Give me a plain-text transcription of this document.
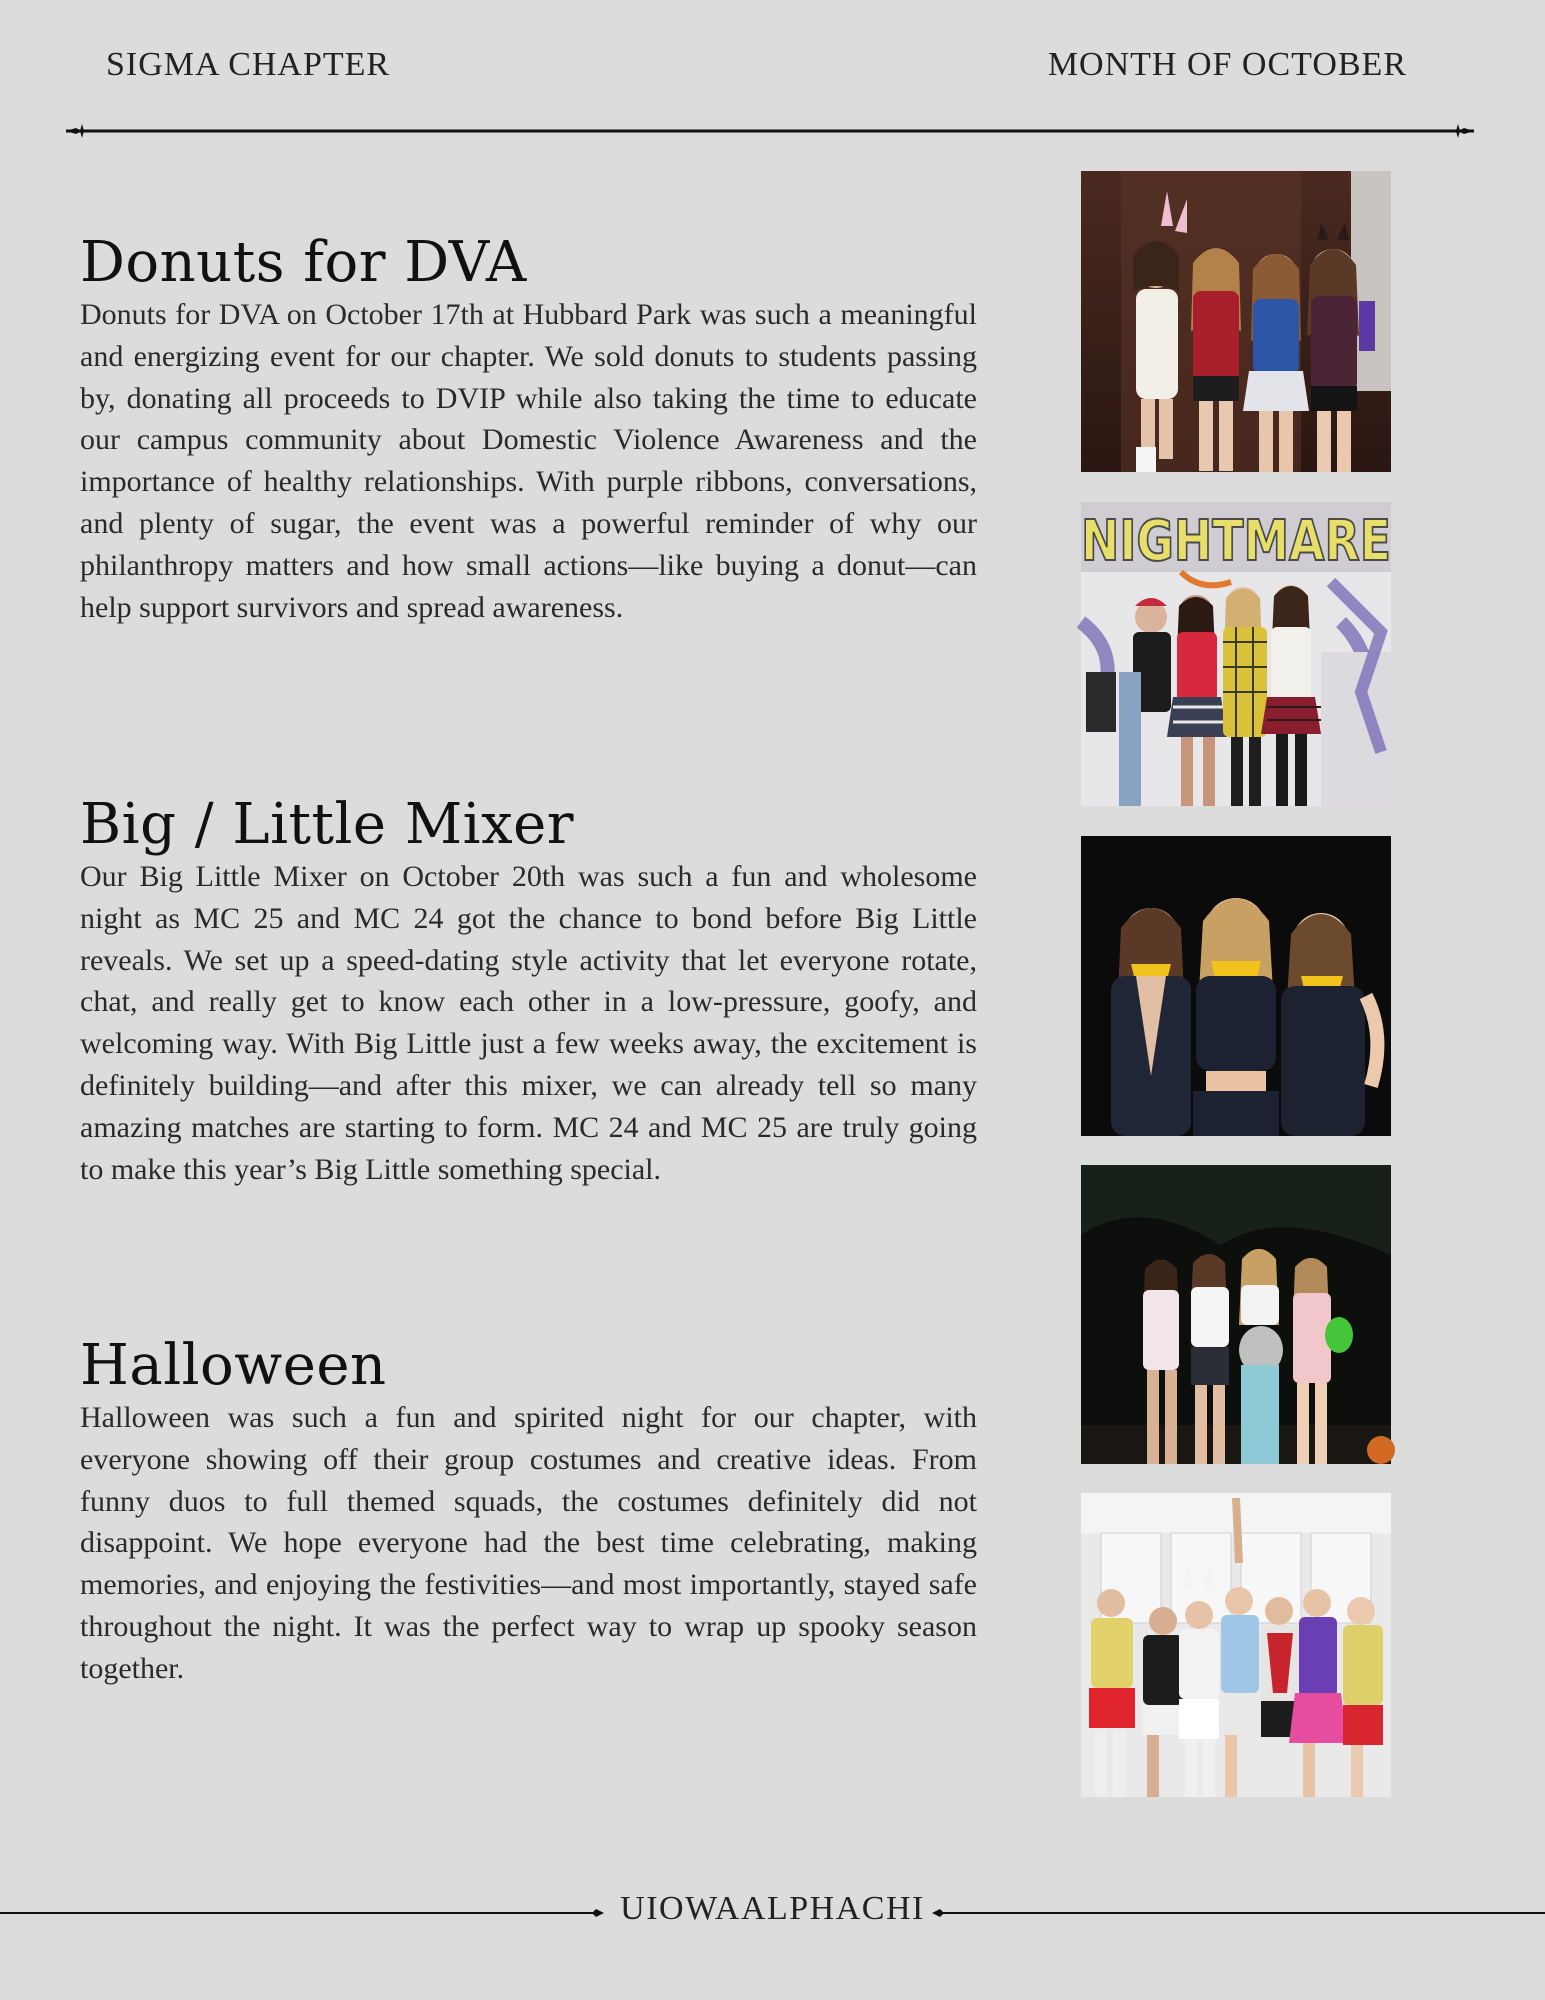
SIGMA CHAPTER	MONTH OF OCTOBER
Donuts for DVA

Donuts for DVA on October 17th at Hubbard Park was such a meaningful and energizing event for our chapter. We sold donuts to students passing by, donating all proceeds to DVIP while also taking the time to educate our campus community about Domestic Violence Awareness and the importance of healthy relationships. With purple ribbons, conversations, and plenty of sugar, the event was a powerful reminder of why our philanthropy matters and how small actions—like buying a donut—can help support survivors and spread awareness.

Big / Little Mixer

Our Big Little Mixer on October 20th was such a fun and wholesome night as MC 25 and MC 24 got the chance to bond before Big Little reveals. We set up a speed-dating style activity that let everyone rotate, chat, and really get to know each other in a low-pressure, goofy, and welcoming way. With Big Little just a few weeks away, the excitement is definitely building—and after this mixer, we can already tell so many amazing matches are starting to form. MC 24 and MC 25 are truly going to make this year’s Big Little something special.

Halloween

Halloween was such a fun and spirited night for our chapter, with everyone showing off their group costumes and creative ideas. From funny duos to full themed squads, the costumes definitely did not disappoint. We hope everyone had the best time celebrating, making memories, and enjoying the festivities—and most importantly, stayed safe throughout the night. It was the perfect way to wrap up spooky season together.

NIGHTMARE
UIOWAALPHACHI
